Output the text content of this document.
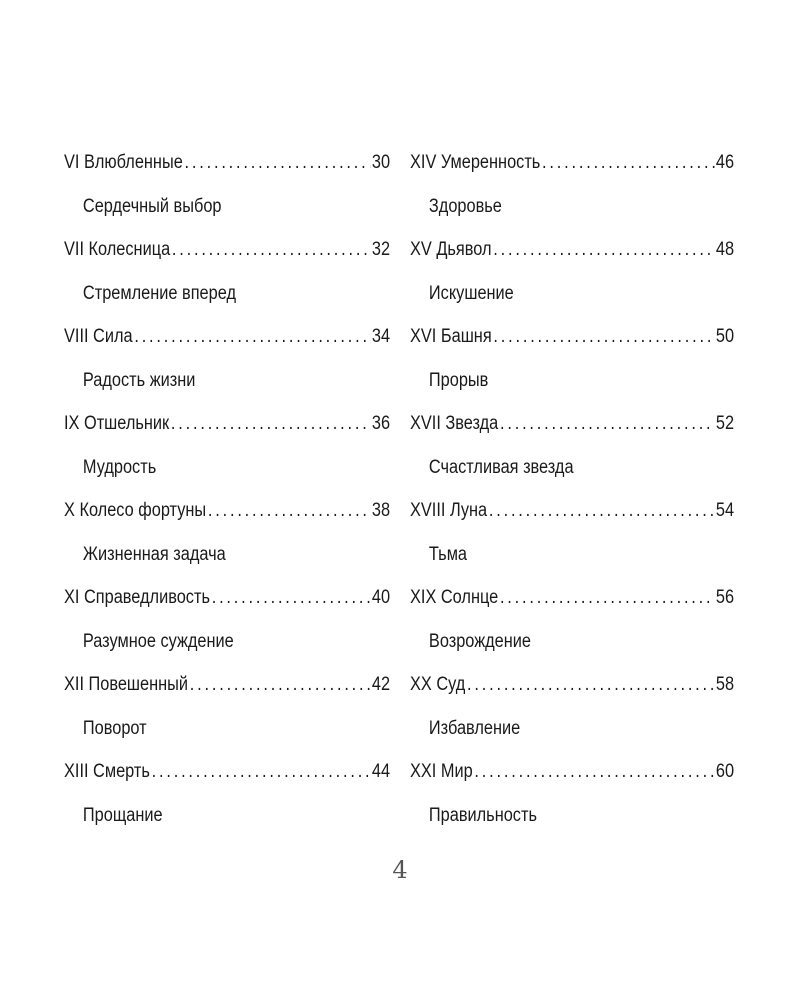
VI Влюбленные . . .	30
Сердечный выбор
VII Колесница . . .	32
Стремление вперед
VIII Сила . . .	34
Радость жизни
IX Отшельник . . .	36
Мудрость
X Колесо фортуны . . .	38
Жизненная задача
XI Справедливость . . .	40
Разумное суждение
XII Повешенный . . .	42
Поворот
XIII Смерть . . .	44
Прощание
XIV Умеренность . . .	46
Здоровье
XV Дьявол . . .	48
Искушение
XVI Башня . . .	50
Прорыв
XVII Звезда . . .	52
Счастливая звезда
XVIII Луна . . .	54
Тьма
XIX Солнце . . .	56
Возрождение
XX Суд . . .	58
Избавление
XXI Мир . . .	60
Правильность
4
